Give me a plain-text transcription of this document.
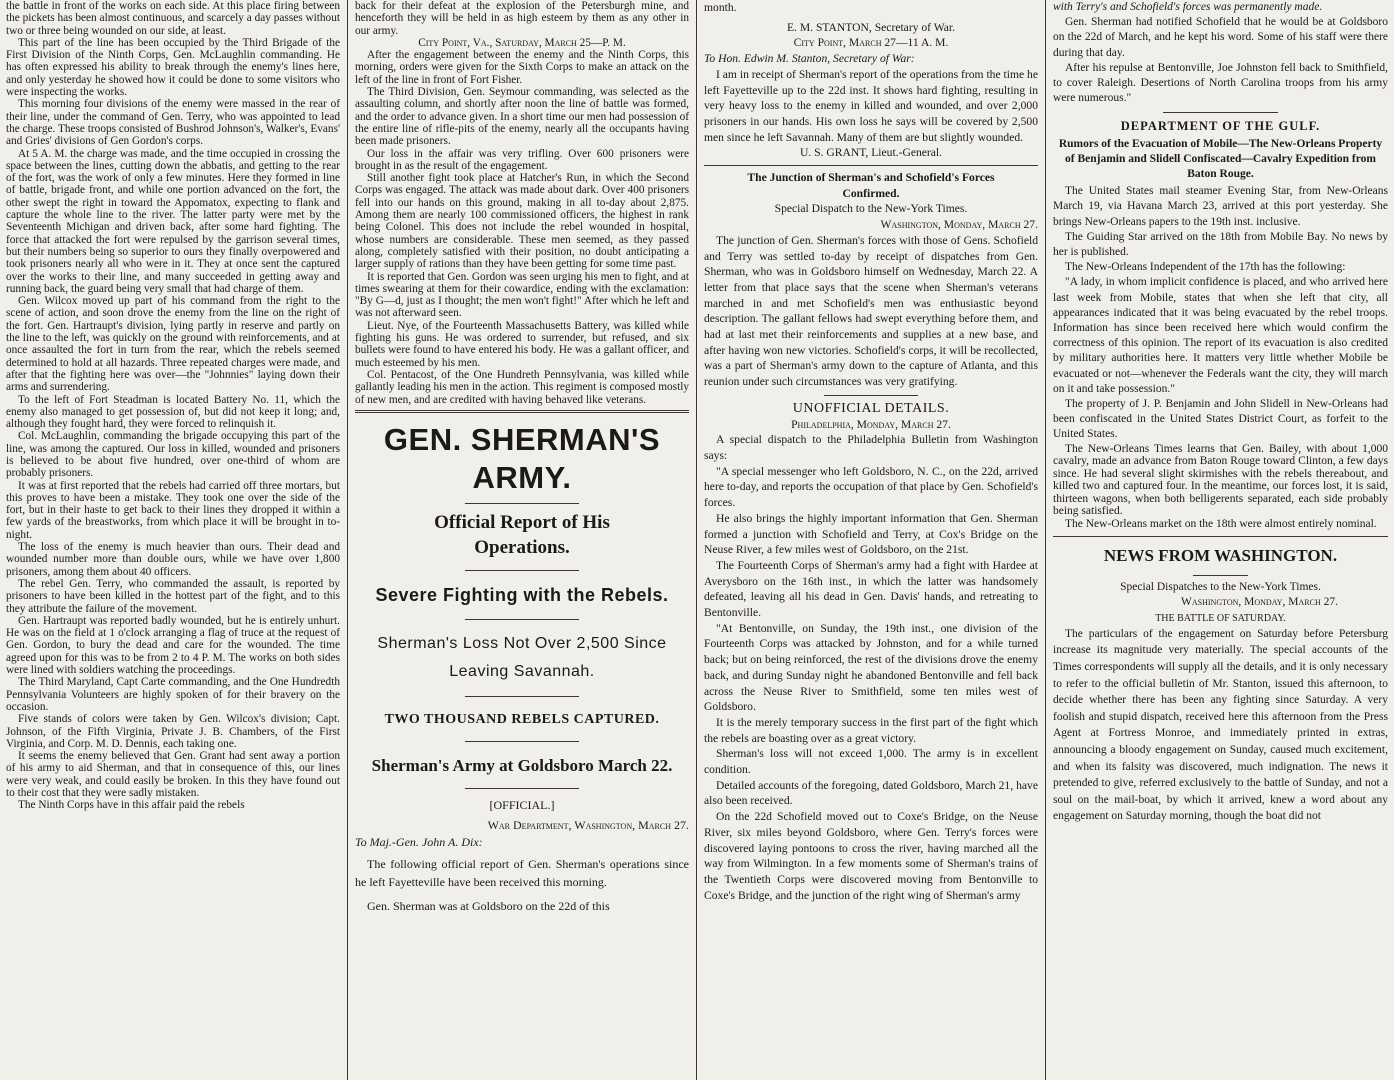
the battle in front of the works on each side. At this place firing between the pickets has been almost continuous, and scarcely a day passes without two or three being wounded on our side, at least.

This part of the line has been occupied by the Third Brigade of the First Division of the Ninth Corps, Gen. McLaughlin commanding. He has often expressed his ability to break through the enemy's lines here, and only yesterday he showed how it could be done to some visitors who were inspecting the works.

This morning four divisions of the enemy were massed in the rear of their line, under the command of Gen. Terry, who was appointed to lead the charge. These troops consisted of Bushrod Johnson's, Walker's, Evans' and Gries' divisions of Gen Gordon's corps.

At 5 A. M. the charge was made, and the time occupied in crossing the space between the lines, cutting down the abbatis, and getting to the rear of the fort, was the work of only a few minutes. Here they formed in line of battle, brigade front, and while one portion advanced on the fort, the other swept the right in toward the Appomatox, expecting to flank and capture the whole line to the river. The latter party were met by the Seventeenth Michigan and driven back, after some hard fighting. The force that attacked the fort were repulsed by the garrison several times, but their numbers being so superior to ours they finally overpowered and took prisoners nearly all who were in it. They at once sent the captured over the works to their line, and many succeeded in getting away and running back, the guard being very small that had charge of them.

Gen. Wilcox moved up part of his command from the right to the scene of action, and soon drove the enemy from the line on the right of the fort. Gen. Hartraupt's division, lying partly in reserve and partly on the line to the left, was quickly on the ground with reinforcements, and at once assaulted the fort in turn from the rear, which the rebels seemed determined to hold at all hazards. Three repeated charges were made, and after that the fighting here was over—the "Johnnies" laying down their arms and surrendering.

To the left of Fort Steadman is located Battery No. 11, which the enemy also managed to get possession of, but did not keep it long; and, although they fought hard, they were forced to relinquish it.

Col. McLaughlin, commanding the brigade occupying this part of the line, was among the captured. Our loss in killed, wounded and prisoners is believed to be about five hundred, over one-third of whom are probably prisoners.

It was at first reported that the rebels had carried off three mortars, but this proves to have been a mistake. They took one over the side of the fort, but in their haste to get back to their lines they dropped it within a few yards of the breastworks, from which place it will be brought in to-night.

The loss of the enemy is much heavier than ours. Their dead and wounded number more than double ours, while we have over 1,800 prisoners, among them about 40 officers.

The rebel Gen. Terry, who commanded the assault, is reported by prisoners to have been killed in the hottest part of the fight, and to this they attribute the failure of the movement.

Gen. Hartraupt was reported badly wounded, but he is entirely unhurt. He was on the field at 1 o'clock arranging a flag of truce at the request of Gen. Gordon, to bury the dead and care for the wounded. The time agreed upon for this was to be from 2 to 4 P. M. The works on both sides were lined with soldiers watching the proceedings.

The Third Maryland, Capt Carte commanding, and the One Hundredth Pennsylvania Volunteers are highly spoken of for their bravery on the occasion.

Five stands of colors were taken by Gen. Wilcox's division; Capt. Johnson, of the Fifth Virginia, Private J. B. Chambers, of the First Virginia, and Corp. M. D. Dennis, each taking one.

It seems the enemy believed that Gen. Grant had sent away a portion of his army to aid Sherman, and that in consequence of this, our lines were very weak, and could easily be broken. In this they have found out to their cost that they were sadly mistaken.

The Ninth Corps have in this affair paid the rebels

back for their defeat at the explosion of the Petersburgh mine, and henceforth they will be held in as high esteem by them as any other in our army.

City Point, Va., Saturday, March 25—P. M.

After the engagement between the enemy and the Ninth Corps, this morning, orders were given for the Sixth Corps to make an attack on the left of the line in front of Fort Fisher.

The Third Division, Gen. Seymour commanding, was selected as the assaulting column, and shortly after noon the line of battle was formed, and the order to advance given. In a short time our men had possession of the entire line of rifle-pits of the enemy, nearly all the occupants having been made prisoners.

Our loss in the affair was very trifling. Over 600 prisoners were brought in as the result of the engagement.

Still another fight took place at Hatcher's Run, in which the Second Corps was engaged. The attack was made about dark. Over 400 prisoners fell into our hands on this ground, making in all to-day about 2,875. Among them are nearly 100 commissioned officers, the highest in rank being Colonel. This does not include the rebel wounded in hospital, whose numbers are considerable. These men seemed, as they passed along, completely satisfied with their position, no doubt anticipating a larger supply of rations than they have been getting for some time past.

It is reported that Gen. Gordon was seen urging his men to fight, and at times swearing at them for their cowardice, ending with the exclamation: "By G—d, just as I thought; the men won't fight!" After which he left and was not afterward seen.

Lieut. Nye, of the Fourteenth Massachusetts Battery, was killed while fighting his guns. He was ordered to surrender, but refused, and six bullets were found to have entered his body. He was a gallant officer, and much esteemed by his men.

Col. Pentacost, of the One Hundreth Pennsylvania, was killed while gallantly leading his men in the action. This regiment is composed mostly of new men, and are credited with having behaved like veterans.

GEN. SHERMAN'S ARMY.
Official Report of His Operations.
Severe Fighting with the Rebels.
Sherman's Loss Not Over 2,500 Since Leaving Savannah.
TWO THOUSAND REBELS CAPTURED.
Sherman's Army at Goldsboro March 22.

[OFFICIAL.]

War Department, Washington, March 27.

To Maj.-Gen. John A. Dix:

The following official report of Gen. Sherman's operations since he left Fayetteville have been received this morning.

Gen. Sherman was at Goldsboro on the 22d of this

month.

E. M. STANTON, Secretary of War.

City Point, March 27—11 A. M.

To Hon. Edwin M. Stanton, Secretary of War:

I am in receipt of Sherman's report of the operations from the time he left Fayetteville up to the 22d inst. It shows hard fighting, resulting in very heavy loss to the enemy in killed and wounded, and over 2,000 prisoners in our hands. His own loss he says will be covered by 2,500 men since he left Savannah. Many of them are but slightly wounded.

U. S. GRANT, Lieut.-General.

The Junction of Sherman's and Schofield's Forces Confirmed.

Special Dispatch to the New-York Times.

Washington, Monday, March 27.

The junction of Gen. Sherman's forces with those of Gens. Schofield and Terry was settled to-day by receipt of dispatches from Gen. Sherman, who was in Goldsboro himself on Wednesday, March 22. A letter from that place says that the scene when Sherman's veterans marched in and met Schofield's men was enthusiastic beyond description. The gallant fellows had swept everything before them, and had at last met their reinforcements and supplies at a new base, and after having won new victories. Schofield's corps, it will be recollected, was a part of Sherman's army down to the capture of Atlanta, and this reunion under such circumstances was very gratifying.

UNOFFICIAL DETAILS.

Philadelphia, Monday, March 27.

A special dispatch to the Philadelphia Bulletin from Washington says:

"A special messenger who left Goldsboro, N. C., on the 22d, arrived here to-day, and reports the occupation of that place by Gen. Schofield's forces.

He also brings the highly important information that Gen. Sherman formed a junction with Schofield and Terry, at Cox's Bridge on the Neuse River, a few miles west of Goldsboro, on the 21st.

The Fourteenth Corps of Sherman's army had a fight with Hardee at Averysboro on the 16th inst., in which the latter was handsomely defeated, leaving all his dead in Gen. Davis' hands, and retreating to Bentonville.

"At Bentonville, on Sunday, the 19th inst., one division of the Fourteenth Corps was attacked by Johnston, and for a while turned back; but on being reinforced, the rest of the divisions drove the enemy back, and during Sunday night he abandoned Bentonville and fell back across the Neuse River to Smithfield, some ten miles west of Goldsboro.

It is the merely temporary success in the first part of the fight which the rebels are boasting over as a great victory.

Sherman's loss will not exceed 1,000. The army is in excellent condition.

Detailed accounts of the foregoing, dated Goldsboro, March 21, have also been received.

On the 22d Schofield moved out to Coxe's Bridge, on the Neuse River, six miles beyond Goldsboro, where Gen. Terry's forces were discovered laying pontoons to cross the river, having marched all the way from Wilmington. In a few moments some of Sherman's trains of the Twentieth Corps were discovered moving from Bentonville to Coxe's Bridge, and the junction of the right wing of Sherman's army

with Terry's and Schofield's forces was permanently made.

Gen. Sherman had notified Schofield that he would be at Goldsboro on the 22d of March, and he kept his word. Some of his staff were there during that day.

After his repulse at Bentonville, Joe Johnston fell back to Smithfield, to cover Raleigh. Desertions of North Carolina troops from his army were numerous."

DEPARTMENT OF THE GULF.

Rumors of the Evacuation of Mobile—The New-Orleans Property of Benjamin and Slidell Confiscated—Cavalry Expedition from Baton Rouge.

The United States mail steamer Evening Star, from New-Orleans March 19, via Havana March 23, arrived at this port yesterday. She brings New-Orleans papers to the 19th inst. inclusive.

The Guiding Star arrived on the 18th from Mobile Bay. No news by her is published.

The New-Orleans Independent of the 17th has the following:

"A lady, in whom implicit confidence is placed, and who arrived here last week from Mobile, states that when she left that city, all appearances indicated that it was being evacuated by the rebel troops. Information has since been received here which would confirm the correctness of this opinion. The report of its evacuation is also credited by military authorities here. It matters very little whether Mobile be evacuated or not—whenever the Federals want the city, they will march on it and take possession."

The property of J. P. Benjamin and John Slidell in New-Orleans had been confiscated in the United States District Court, as forfeit to the United States.

The New-Orleans Times learns that Gen. Bailey, with about 1,000 cavalry, made an advance from Baton Rouge toward Clinton, a few days since. He had several slight skirmishes with the rebels thereabout, and killed two and captured four. In the meantime, our forces lost, it is said, thirteen wagons, when both belligerents separated, each side probably being satisfied.

The New-Orleans market on the 18th were almost entirely nominal.

NEWS FROM WASHINGTON.

Special Dispatches to the New-York Times.

Washington, Monday, March 27.

THE BATTLE OF SATURDAY.

The particulars of the engagement on Saturday before Petersburg increase its magnitude very materially. The special accounts of the Times correspondents will supply all the details, and it is only necessary to refer to the official bulletin of Mr. Stanton, issued this afternoon, to decide whether there has been any fighting since Saturday. A very foolish and stupid dispatch, received here this afternoon from the Press Agent at Fortress Monroe, and immediately printed in extras, announcing a bloody engagement on Sunday, caused much excitement, and when its falsity was discovered, much indignation. The news it pretended to give, referred exclusively to the battle of Sunday, and not a soul on the mail-boat, by which it arrived, knew a word about any engagement on Saturday morning, though the boat did not
